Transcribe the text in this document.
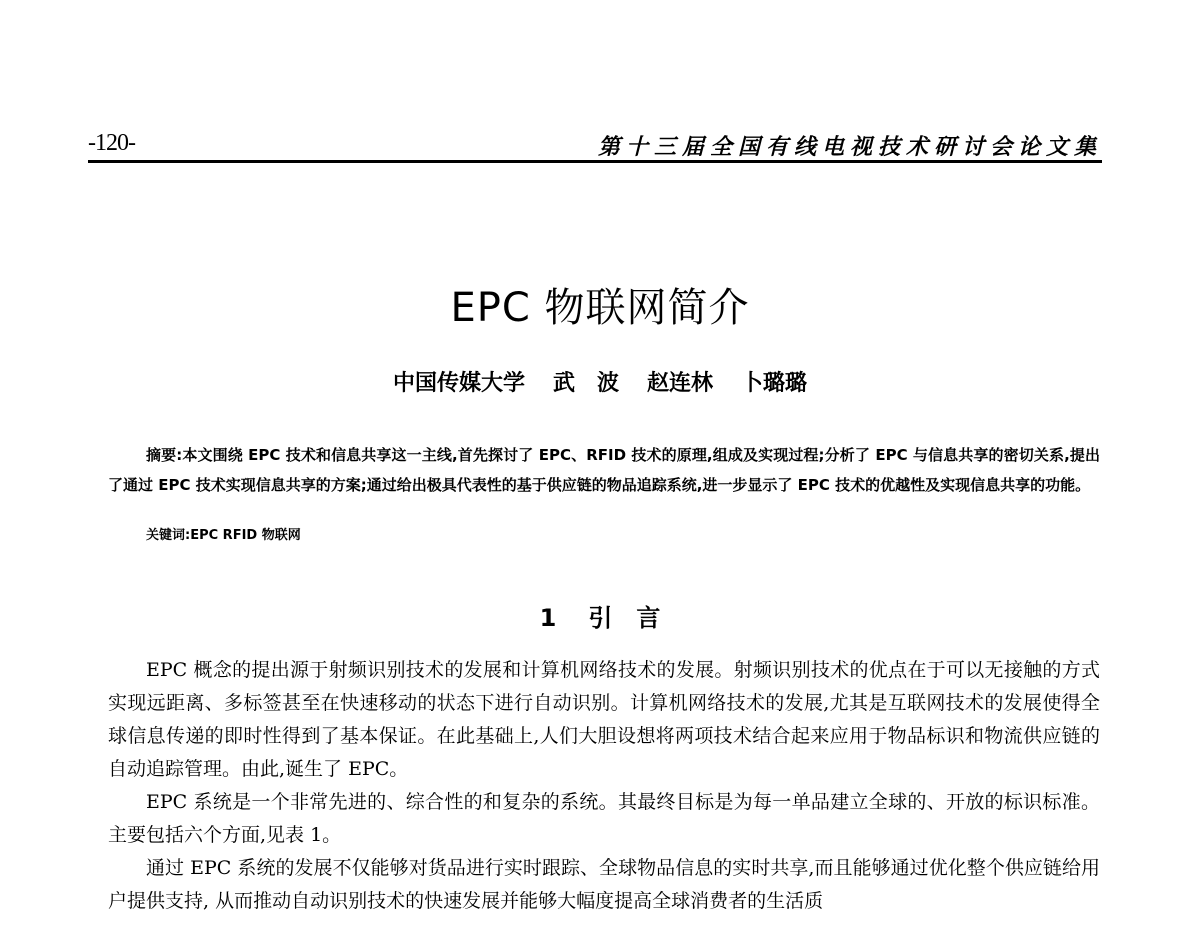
-120-	第十三届全国有线电视技术研讨会论文集
EPC 物联网简介
中国传媒大学 武　波 赵连林 卜璐璐
摘要:本文围绕 EPC 技术和信息共享这一主线,首先探讨了 EPC、RFID 技术的原理,组成及实现过程;分析了 EPC 与信息共享的密切关系,提出了通过 EPC 技术实现信息共享的方案;通过给出极具代表性的基于供应链的物品追踪系统,进一步显示了 EPC 技术的优越性及实现信息共享的功能。
关键词:EPC RFID 物联网
1 引　言

EPC 概念的提出源于射频识别技术的发展和计算机网络技术的发展。射频识别技术的优点在于可以无接触的方式实现远距离、多标签甚至在快速移动的状态下进行自动识别。计算机网络技术的发展,尤其是互联网技术的发展使得全球信息传递的即时性得到了基本保证。在此基础上,人们大胆设想将两项技术结合起来应用于物品标识和物流供应链的自动追踪管理。由此,诞生了 EPC。

EPC 系统是一个非常先进的、综合性的和复杂的系统。其最终目标是为每一单品建立全球的、开放的标识标准。主要包括六个方面,见表 1。

通过 EPC 系统的发展不仅能够对货品进行实时跟踪、全球物品信息的实时共享,而且能够通过优化整个供应链给用户提供支持, 从而推动自动识别技术的快速发展并能够大幅度提高全球消费者的生活质
